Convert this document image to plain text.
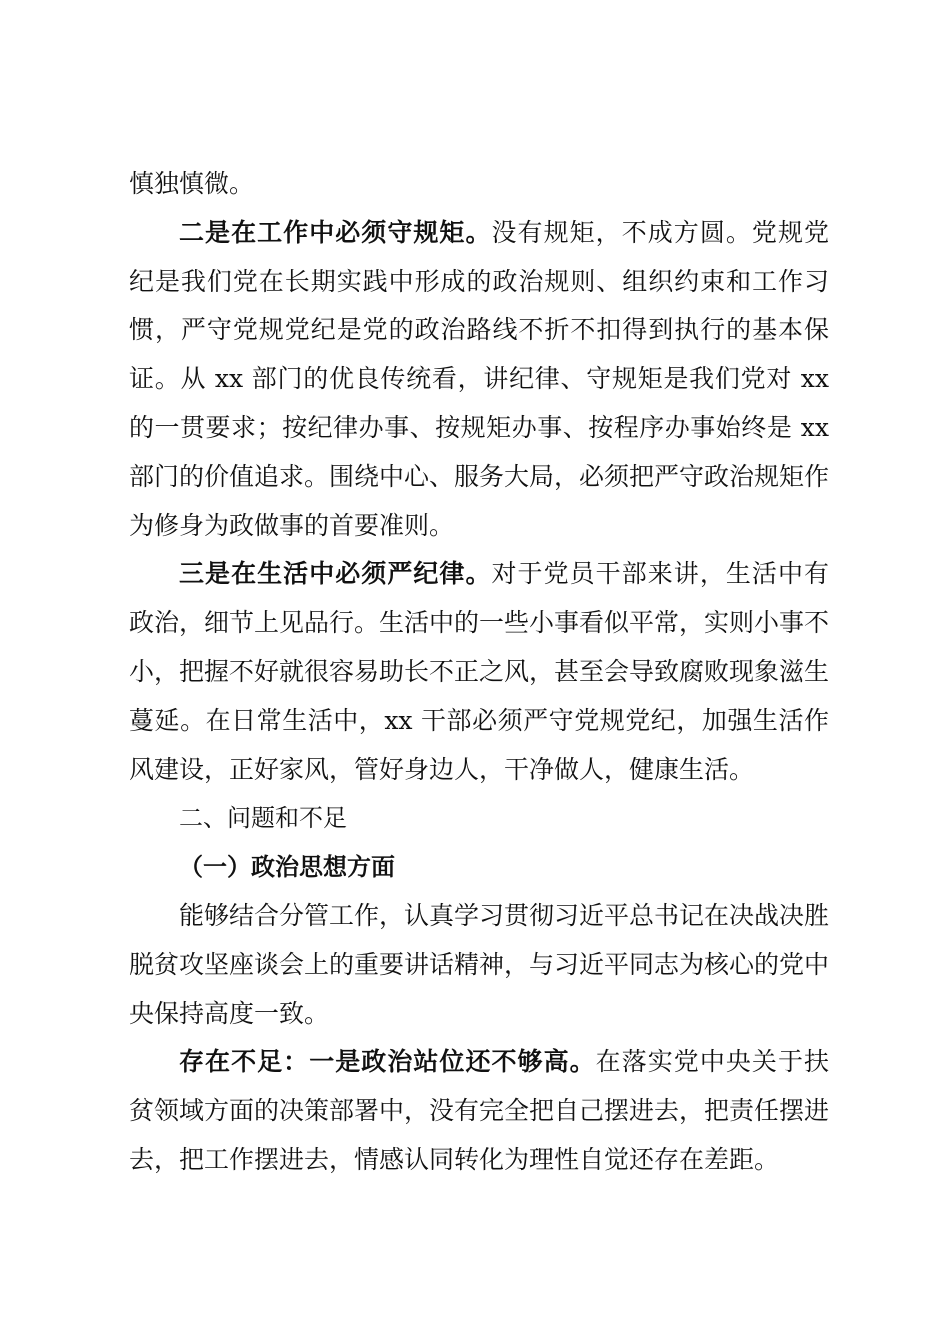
慎独慎微。

二是在工作中必须守规矩。没有规矩，不成方圆。党规党纪是我们党在长期实践中形成的政治规则、组织约束和工作习惯，严守党规党纪是党的政治路线不折不扣得到执行的基本保证。从 xx 部门的优良传统看，讲纪律、守规矩是我们党对 xx 的一贯要求；按纪律办事、按规矩办事、按程序办事始终是 xx 部门的价值追求。围绕中心、服务大局，必须把严守政治规矩作为修身为政做事的首要准则。

三是在生活中必须严纪律。对于党员干部来讲，生活中有政治，细节上见品行。生活中的一些小事看似平常，实则小事不小，把握不好就很容易助长不正之风，甚至会导致腐败现象滋生蔓延。在日常生活中，xx 干部必须严守党规党纪，加强生活作风建设，正好家风，管好身边人，干净做人，健康生活。

二、问题和不足

（一）政治思想方面

能够结合分管工作，认真学习贯彻习近平总书记在决战决胜脱贫攻坚座谈会上的重要讲话精神，与习近平同志为核心的党中央保持高度一致。

存在不足：一是政治站位还不够高。在落实党中央关于扶贫领域方面的决策部署中，没有完全把自己摆进去，把责任摆进去，把工作摆进去，情感认同转化为理性自觉还存在差距。
